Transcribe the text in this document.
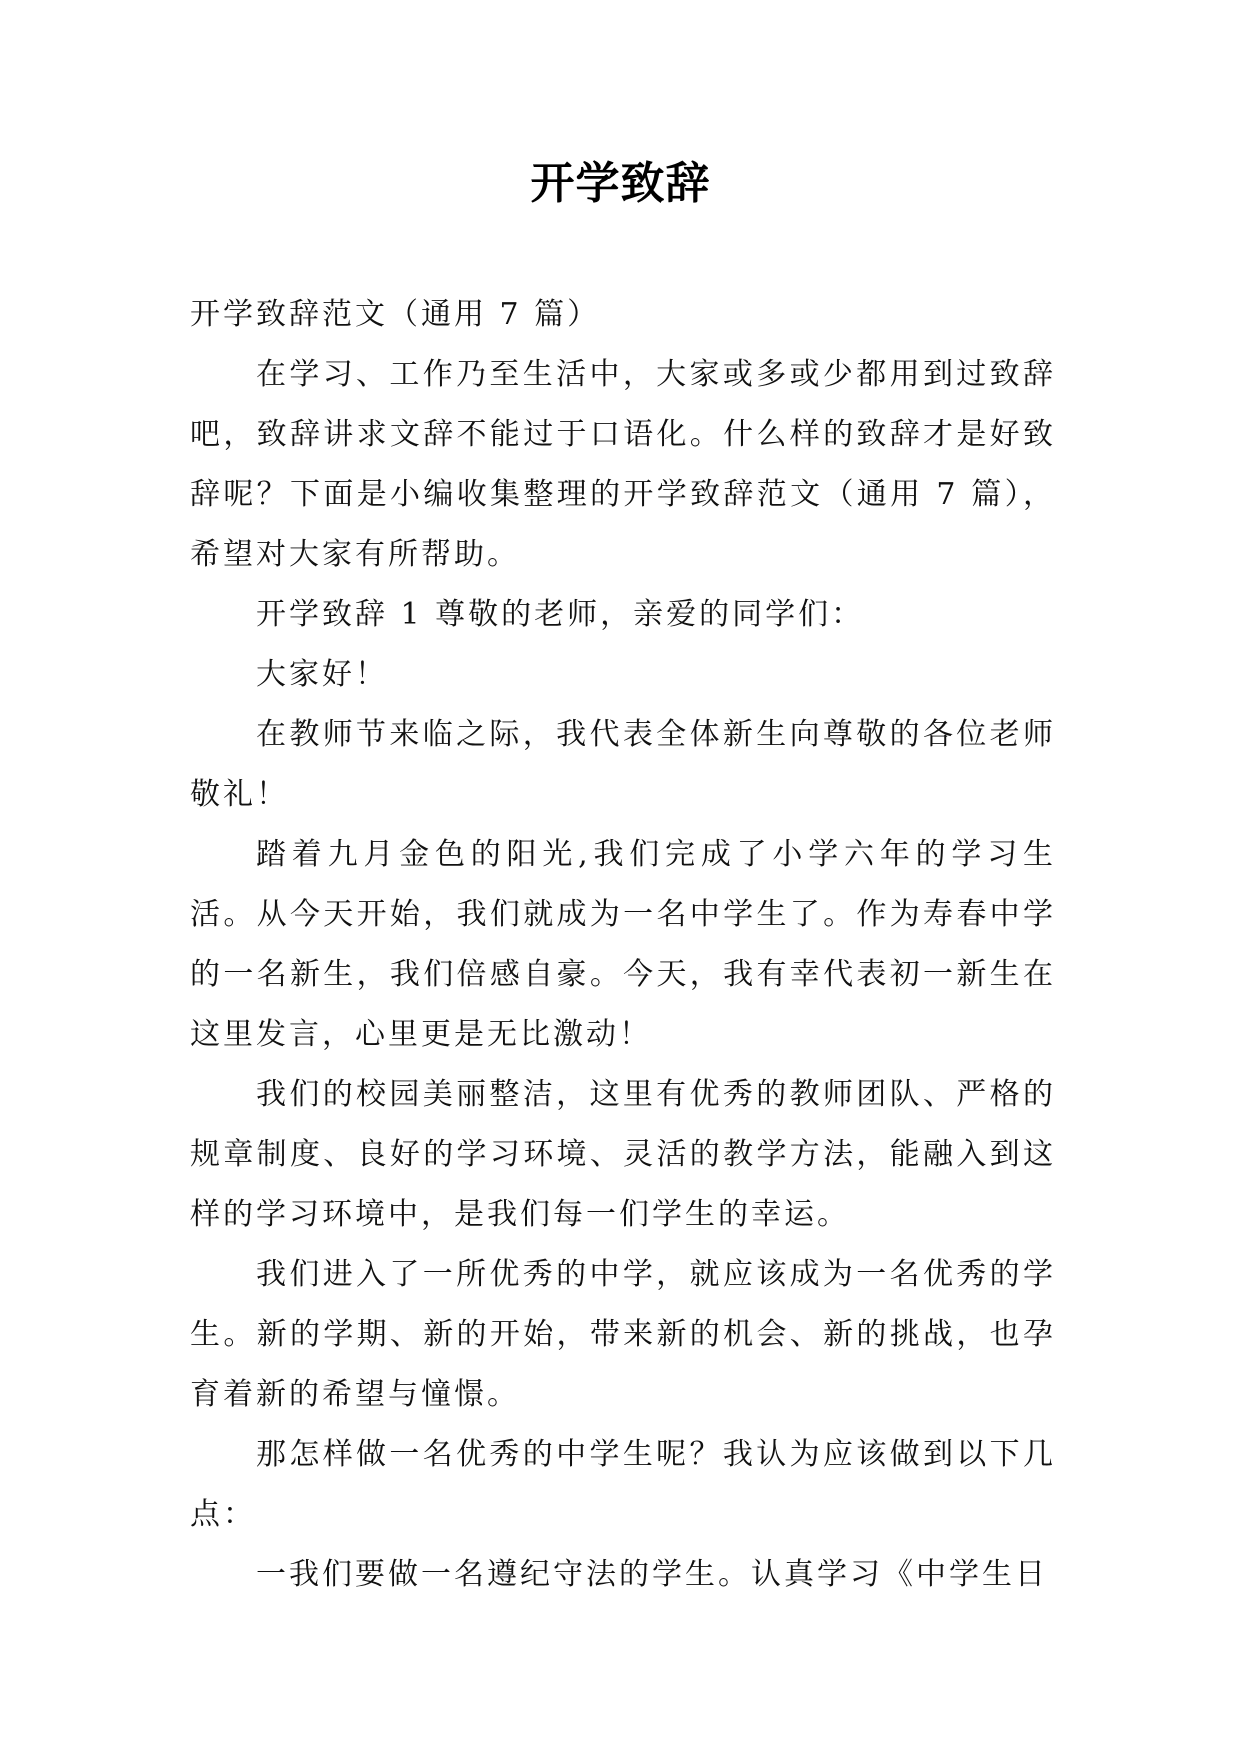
开学致辞

开学致辞范文（通用 7 篇）

在学习、工作乃至生活中，大家或多或少都用到过致辞吧，致辞讲求文辞不能过于口语化。什么样的致辞才是好致辞呢？下面是小编收集整理的开学致辞范文（通用 7 篇），希望对大家有所帮助。

开学致辞 1 尊敬的老师，亲爱的同学们：

大家好！

在教师节来临之际，我代表全体新生向尊敬的各位老师敬礼！

踏着九月金色的阳光,我们完成了小学六年的学习生活。从今天开始，我们就成为一名中学生了。作为寿春中学的一名新生，我们倍感自豪。今天，我有幸代表初一新生在这里发言，心里更是无比激动！

我们的校园美丽整洁，这里有优秀的教师团队、严格的规章制度、良好的学习环境、灵活的教学方法，能融入到这样的学习环境中，是我们每一们学生的幸运。

我们进入了一所优秀的中学，就应该成为一名优秀的学生。新的学期、新的开始，带来新的机会、新的挑战，也孕育着新的希望与憧憬。

那怎样做一名优秀的中学生呢？我认为应该做到以下几点：

一我们要做一名遵纪守法的学生。认真学习《中学生日
